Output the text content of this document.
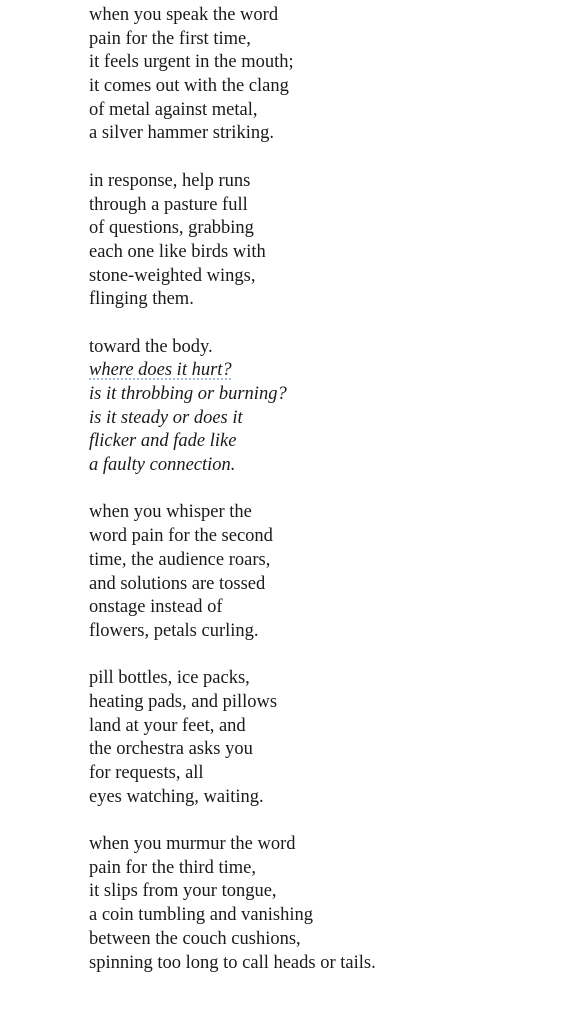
when you speak the word
pain for the first time,
it feels urgent in the mouth;
it comes out with the clang
of metal against metal,
a silver hammer striking.
in response, help runs
through a pasture full
of questions, grabbing
each one like birds with
stone-weighted wings,
flinging them.
toward the body.
where does it hurt?
is it throbbing or burning?
is it steady or does it
flicker and fade like
a faulty connection.
when you whisper the
word pain for the second
time, the audience roars,
and solutions are tossed
onstage instead of
flowers, petals curling.
pill bottles, ice packs,
heating pads, and pillows
land at your feet, and
the orchestra asks you
for requests, all
eyes watching, waiting.
when you murmur the word
pain for the third time,
it slips from your tongue,
a coin tumbling and vanishing
between the couch cushions,
spinning too long to call heads or tails.
